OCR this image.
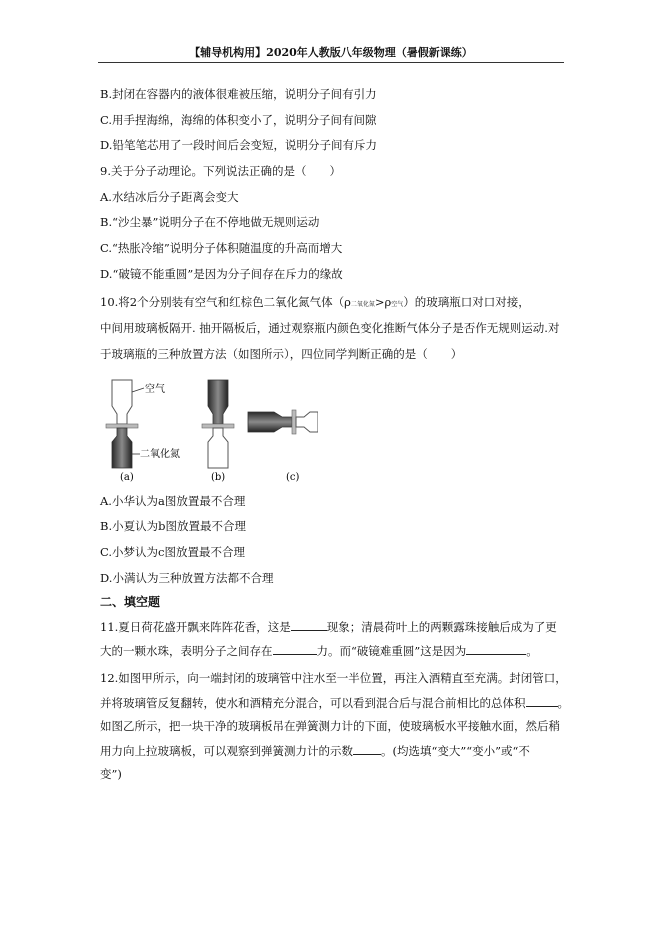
【辅导机构用】2020年人教版八年级物理（暑假新课练）
B.封闭在容器内的液体很难被压缩，说明分子间有引力
C.用手捏海绵，海绵的体积变小了，说明分子间有间隙
D.铅笔笔芯用了一段时间后会变短，说明分子间有斥力
9.关于分子动理论。下列说法正确的是（　　）
A.水结冰后分子距离会变大
B.“沙尘暴”说明分子在不停地做无规则运动
C.“热胀冷缩”说明分子体积随温度的升高而增大
D.“破镜不能重圆”是因为分子间存在斥力的缘故
10.将2个分别装有空气和红棕色二氧化氮气体（ρ二氧化氮>ρ空气）的玻璃瓶口对口对接，
中间用玻璃板隔开. 抽开隔板后，通过观察瓶内颜色变化推断气体分子是否作无规则运动.对
于玻璃瓶的三种放置方法（如图所示），四位同学判断正确的是（　　）
空气
二氧化氮
(a)	(b)	(c)
A.小华认为a图放置最不合理
B.小夏认为b图放置最不合理
C.小梦认为c图放置最不合理
D.小满认为三种放置方法都不合理
二、填空题
11.夏日荷花盛开飘来阵阵花香，这是	现象；清晨荷叶上的两颗露珠接触后成为了更
大的一颗水珠，表明分子之间存在	力。而“破镜难重圆”这是因为	。
12.如图甲所示，向一端封闭的玻璃管中注水至一半位置，再注入酒精直至充满。封闭管口，
并将玻璃管反复翻转，使水和酒精充分混合，可以看到混合后与混合前相比的总体积	。
如图乙所示，把一块干净的玻璃板吊在弹簧测力计的下面，使玻璃板水平接触水面，然后稍
用力向上拉玻璃板，可以观察到弹簧测力计的示数 。(均选填“变大”“变小”或“不
变”)
